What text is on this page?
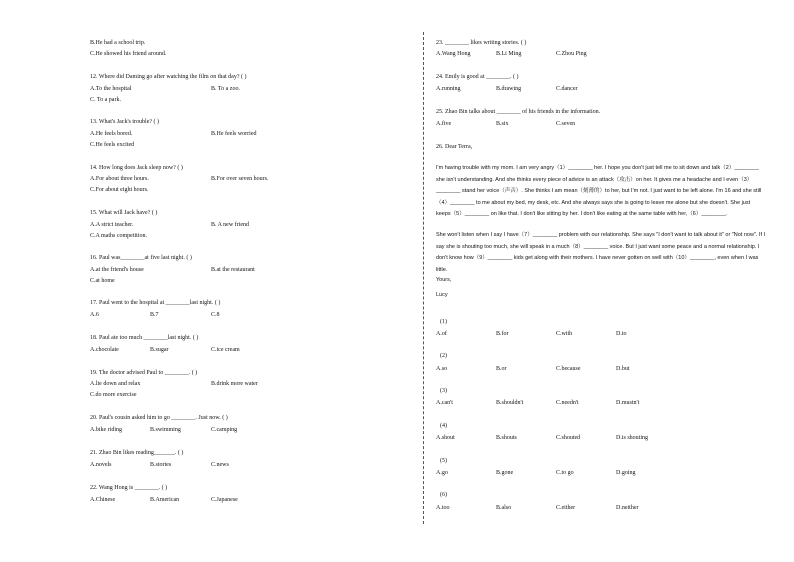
B.He had a school trip.
C.He showed his friend around.
12. Where did Daming go after watching the film on that day? ( )
A.To the hospital	B. To a zoo.
C. To a park.
13. What's Jack's trouble? ( )
A.He feels bored.	B.He feels worried
C.He feels excited
14. How long does Jack sleep now? ( )
A.For about three hours.	B.For over seven hours.
C.For about eight hours.
15. What will Jack have? ( )
A.A strict teacher.	B. A new friend
C.A maths competition.
16. Paul was________at five last night. ( )
A.at the friend's house	B.at the restaurant
C.at home
17. Paul went to the hospital at ________last night. ( )
A.6	B.7	C.8
18. Paul ate too much ________last night. ( )
A.chocolate	B.sugar	C.ice cream
19. The doctor advised Paul to ________. ( )
A.lie down and relax	B.drink more water
C.do more exercise
20. Paul's cousin asked him to go ________. Just now. ( )
A.bike riding	B.swimming	C.camping
21. Zhao Bin likes reading_______. ( )
A.novels	B.stories	C.news
22. Wang Hong is ________. ( )
A.Chinese	B.American	C.Japanese
23. ________ likes writing stories. ( )
A.Wang Hong	B.Li Ming	C.Zhou Ping
24. Emily is good at ________. ( )
A.running	B.drawing	C.dancer
25. Zhao Bin talks about ________ of his friends in the information.
A.five	B.six	C.seven
26. Dear Terra,
I'm having trouble with my mom. I am very angry（1）________ her. I hope you don't just tell me to sit down and talk（2）________ she isn't understanding. And she thinks every piece of advice is an attack（攻击）on her. It gives me a headache and I even（3）________ stand her voice（声音）. She thinks I am mean（刻薄的）to her, but I'm not. I just want to be left alone. I'm 16 and she still（4）________ to me about my bed, my desk, etc. And she always says she is going to leave me alone but she doesn't. She just keeps（5）________ on like that. I don't like sitting by her. I don't like eating at the same table with her,（6）________.
She won't listen when I say I have（7）________ problem with our relationship. She says "I don't want to talk about it" or "Not now". If I say she is shouting too much, she will speak in a much（8）________ voice. But I just want some peace and a normal relationship. I don't know how（9）________ kids get along with their mothers. I have never gotten on well with（10）________, even when I was little.
Yours,
Lucy
(1)
A.of	B.for	C.with	D.to
(2)
A.so	B.or	C.because	D.but
(3)
A.can't	B.shouldn't	C.needn't	D.mustn't
(4)
A.shout	B.shouts	C.shouted	D.is shouting
(5)
A.go	B.gone	C.to go	D.going
(6)
A.too	B.also	C.either	D.neither
